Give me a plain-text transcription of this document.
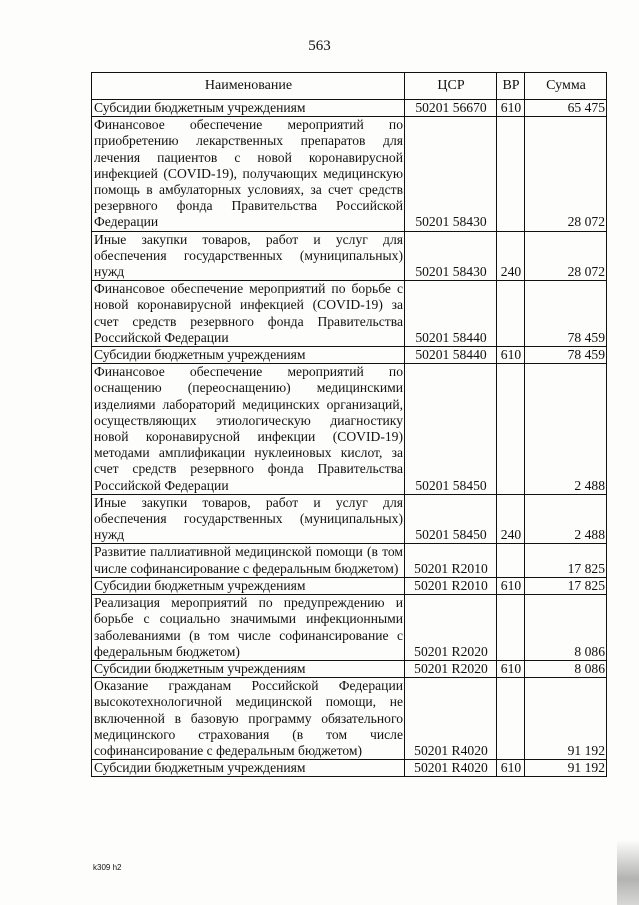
563
Наименование	ЦСР	ВР	Сумма
Субсидии бюджетным учреждениям	50201 56670	610	65 475
Финансовое обеспечение мероприятий по приобретению лекарственных препаратов для лечения пациентов с новой коронавирусной инфекцией (COVID-19), получающих медицинскую помощь в амбулаторных условиях, за счет средств резервного фонда Правительства Российской Федерации	50201 58430		28 072
Иные закупки товаров, работ и услуг для обеспечения государственных (муниципальных) нужд	50201 58430	240	28 072
Финансовое обеспечение мероприятий по борьбе с новой коронавирусной инфекцией (COVID-19) за счет средств резервного фонда Правительства Российской Федерации	50201 58440		78 459
Субсидии бюджетным учреждениям	50201 58440	610	78 459
Финансовое обеспечение мероприятий по оснащению (переоснащению) медицинскими изделиями лабораторий медицинских организаций, осуществляющих этиологическую диагностику новой коронавирусной инфекции (COVID-19) методами амплификации нуклеиновых кислот, за счет средств резервного фонда Правительства Российской Федерации	50201 58450		2 488
Иные закупки товаров, работ и услуг для обеспечения государственных (муниципальных) нужд	50201 58450	240	2 488
Развитие паллиативной медицинской помощи (в том числе софинансирование с федеральным бюджетом)	50201 R2010		17 825
Субсидии бюджетным учреждениям	50201 R2010	610	17 825
Реализация мероприятий по предупреждению и борьбе с социально значимыми инфекционными заболеваниями (в том числе софинансирование с федеральным бюджетом)	50201 R2020		8 086
Субсидии бюджетным учреждениям	50201 R2020	610	8 086
Оказание гражданам Российской Федерации высокотехнологичной медицинской помощи, не включенной в базовую программу обязательного медицинского страхования (в том числе софинансирование с федеральным бюджетом)	50201 R4020		91 192
Субсидии бюджетным учреждениям	50201 R4020	610	91 192
k309 h2
